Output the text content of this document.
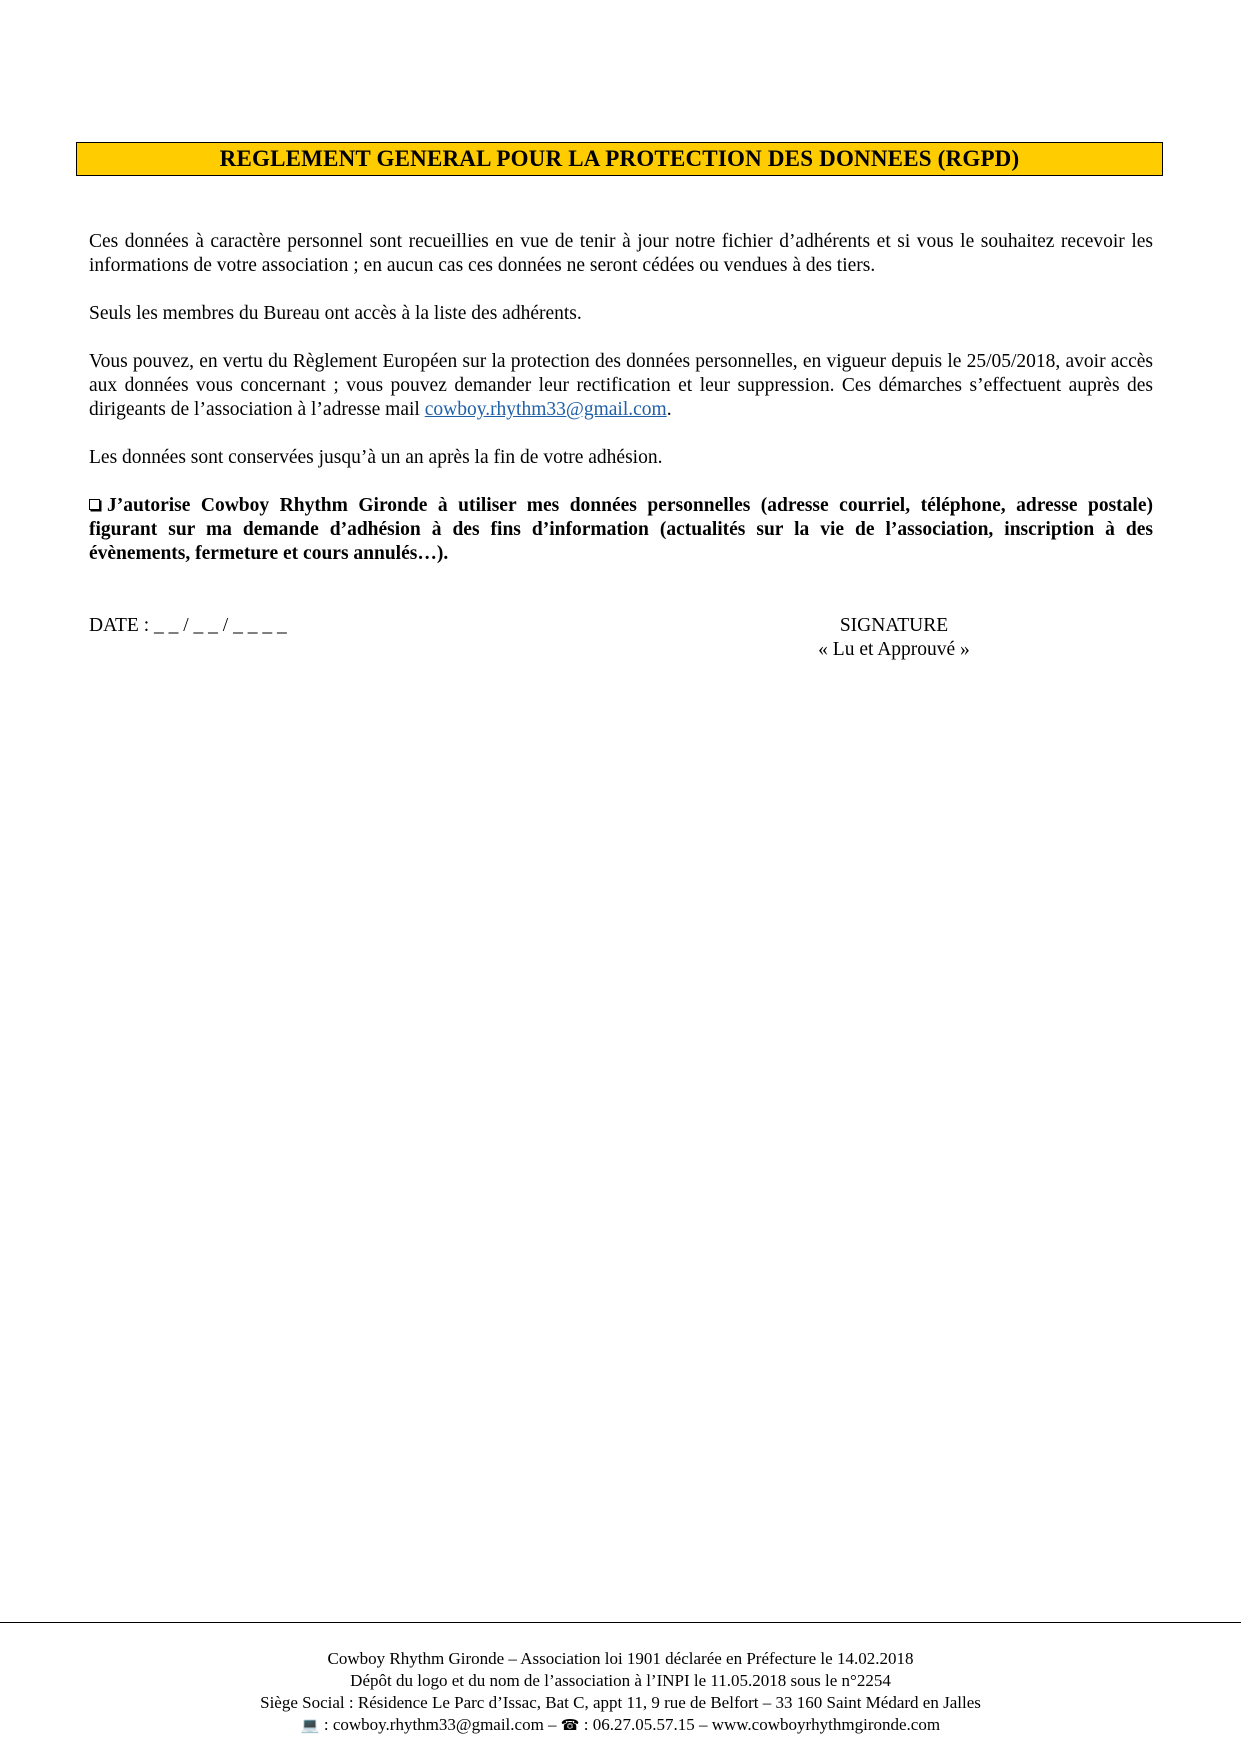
REGLEMENT GENERAL POUR LA PROTECTION DES DONNEES (RGPD)

Ces données à caractère personnel sont recueillies en vue de tenir à jour notre fichier d’adhérents et si vous le souhaitez recevoir les informations de votre association ; en aucun cas ces données ne seront cédées ou vendues à des tiers.

Seuls les membres du Bureau ont accès à la liste des adhérents.

Vous pouvez, en vertu du Règlement Européen sur la protection des données personnelles, en vigueur depuis le 25/05/2018, avoir accès aux données vous concernant ; vous pouvez demander leur rectification et leur suppression. Ces démarches s’effectuent auprès des dirigeants de l’association à l’adresse mail cowboy.rhythm33@gmail.com.

Les données sont conservées jusqu’à un an après la fin de votre adhésion.

J’autorise Cowboy Rhythm Gironde à utiliser mes données personnelles (adresse courriel, téléphone, adresse postale) figurant sur ma demande d’adhésion à des fins d’information (actualités sur la vie de l’association, inscription à des évènements, fermeture et cours annulés…).

DATE : _ _ / _ _ / _ _ _ _	SIGNATURE
« Lu et Approuvé »
Cowboy Rhythm Gironde – Association loi 1901 déclarée en Préfecture le 14.02.2018
Dépôt du logo et du nom de l’association à l’INPI le 11.05.2018 sous le n°2254
Siège Social : Résidence Le Parc d’Issac, Bat C, appt 11, 9 rue de Belfort – 33 160 Saint Médard en Jalles
💻 : cowboy.rhythm33@gmail.com – ☎ : 06.27.05.57.15 – www.cowboyrhythmgironde.com
